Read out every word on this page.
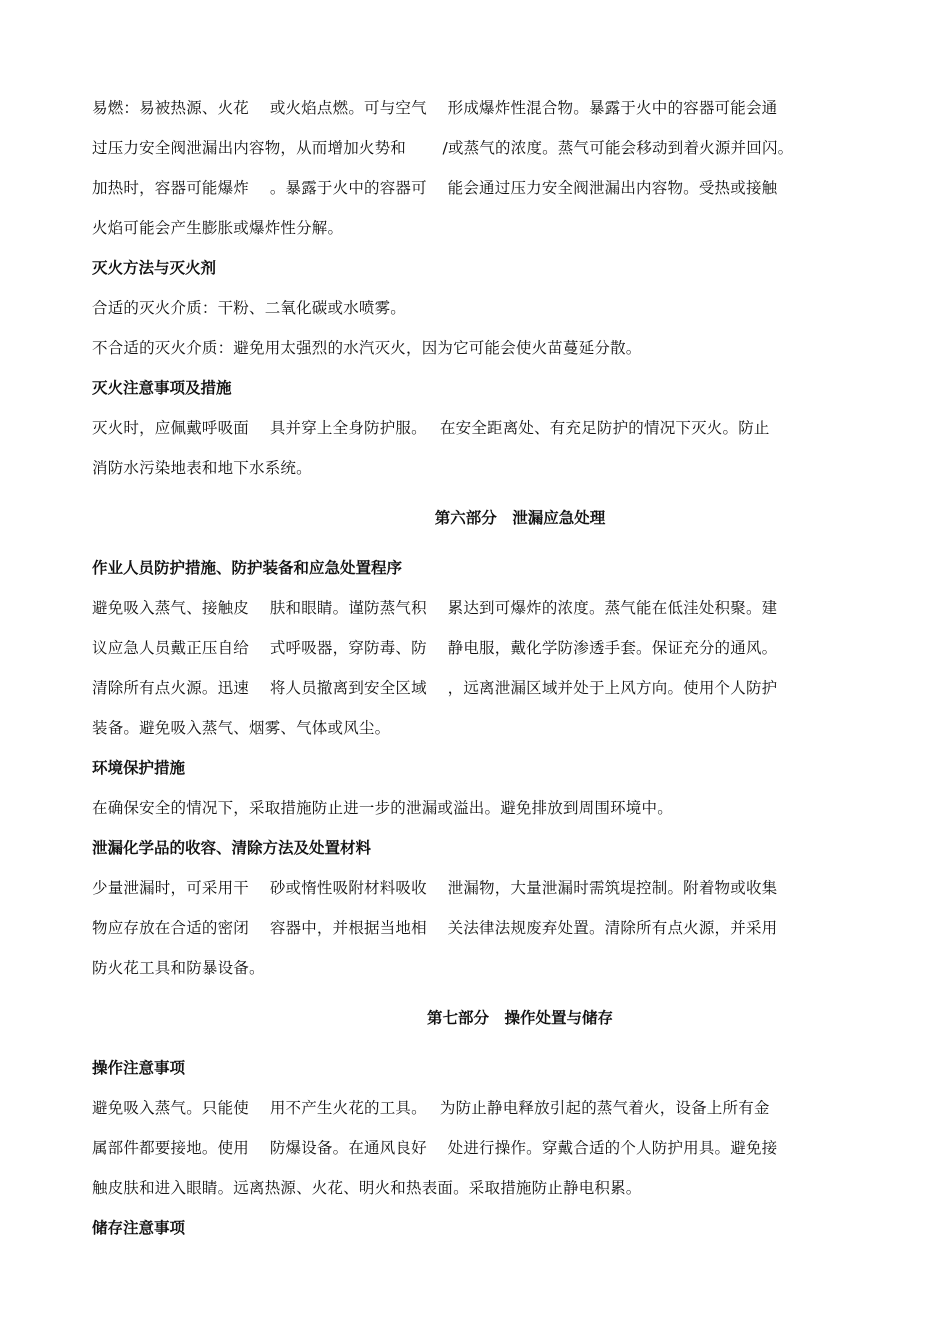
易燃：易被热源、火花　 或火焰点燃。可与空气　 形成爆炸性混合物。暴露于火中的容器可能会通
过压力安全阀泄漏出内容物，从而增加火势和　　 /或蒸气的浓度。蒸气可能会移动到着火源并回闪。
加热时，容器可能爆炸　 。暴露于火中的容器可　 能会通过压力安全阀泄漏出内容物。受热或接触
火焰可能会产生膨胀或爆炸性分解。
灭火方法与灭火剂
合适的灭火介质：干粉、二氧化碳或水喷雾。
不合适的灭火介质：避免用太强烈的水汽灭火，因为它可能会使火苗蔓延分散。
灭火注意事项及措施
灭火时，应佩戴呼吸面　 具并穿上全身防护服。　 在安全距离处、有充足防护的情况下灭火。防止
消防水污染地表和地下水系统。
第六部分　泄漏应急处理
作业人员防护措施、防护装备和应急处置程序
避免吸入蒸气、接触皮　 肤和眼睛。谨防蒸气积　 累达到可爆炸的浓度。蒸气能在低洼处积聚。建
议应急人员戴正压自给　 式呼吸器，穿防毒、防　 静电服，戴化学防渗透手套。保证充分的通风。
清除所有点火源。迅速　 将人员撤离到安全区域　 ，远离泄漏区域并处于上风方向。使用个人防护
装备。避免吸入蒸气、烟雾、气体或风尘。
环境保护措施
在确保安全的情况下，采取措施防止进一步的泄漏或溢出。避免排放到周围环境中。
泄漏化学品的收容、清除方法及处置材料
少量泄漏时，可采用干　 砂或惰性吸附材料吸收　 泄漏物，大量泄漏时需筑堤控制。附着物或收集
物应存放在合适的密闭　 容器中，并根据当地相　 关法律法规废弃处置。清除所有点火源，并采用
防火花工具和防暴设备。
第七部分　操作处置与储存
操作注意事项
避免吸入蒸气。只能使　 用不产生火花的工具。　 为防止静电释放引起的蒸气着火，设备上所有金
属部件都要接地。使用　 防爆设备。在通风良好　 处进行操作。穿戴合适的个人防护用具。避免接
触皮肤和进入眼睛。远离热源、火花、明火和热表面。采取措施防止静电积累。
储存注意事项
